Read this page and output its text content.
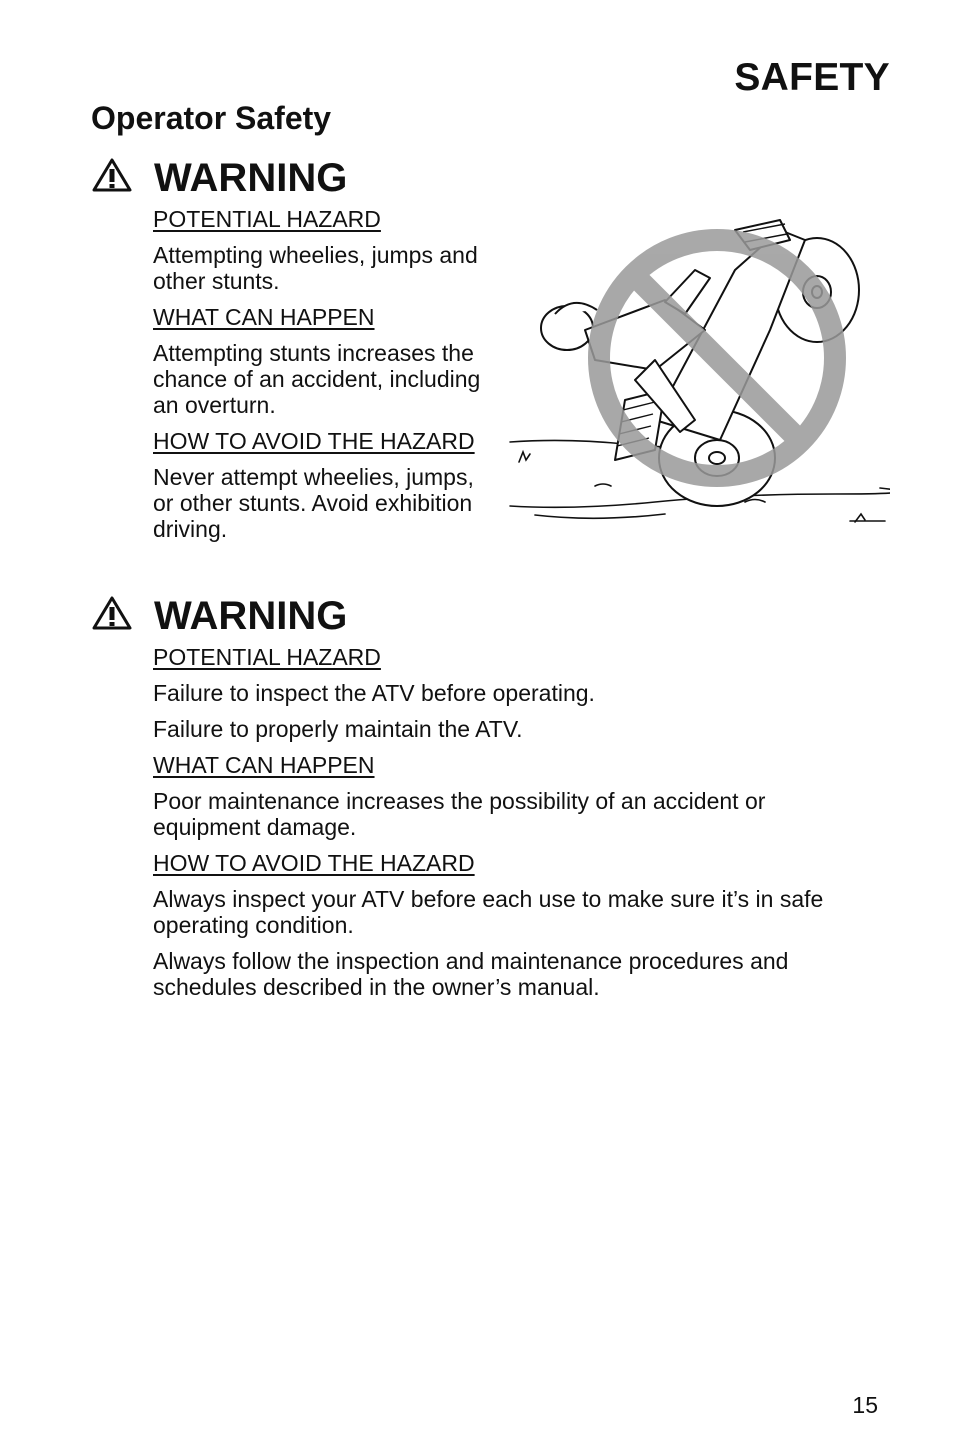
SAFETY
Operator Safety
WARNING

POTENTIAL HAZARD

Attempting wheelies, jumps and other stunts.

WHAT CAN HAPPEN

Attempting stunts increases the chance of an accident, including an overturn.

HOW TO AVOID THE HAZARD

Never attempt wheelies, jumps, or other stunts. Avoid exhibition driving.

WARNING

POTENTIAL HAZARD

Failure to inspect the ATV before operating.

Failure to properly maintain the ATV.

WHAT CAN HAPPEN

Poor maintenance increases the possibility of an accident or equipment damage.

HOW TO AVOID THE HAZARD

Always inspect your ATV before each use to make sure it’s in safe operating condition.

Always follow the inspection and maintenance procedures and schedules described in the owner’s manual.

15
